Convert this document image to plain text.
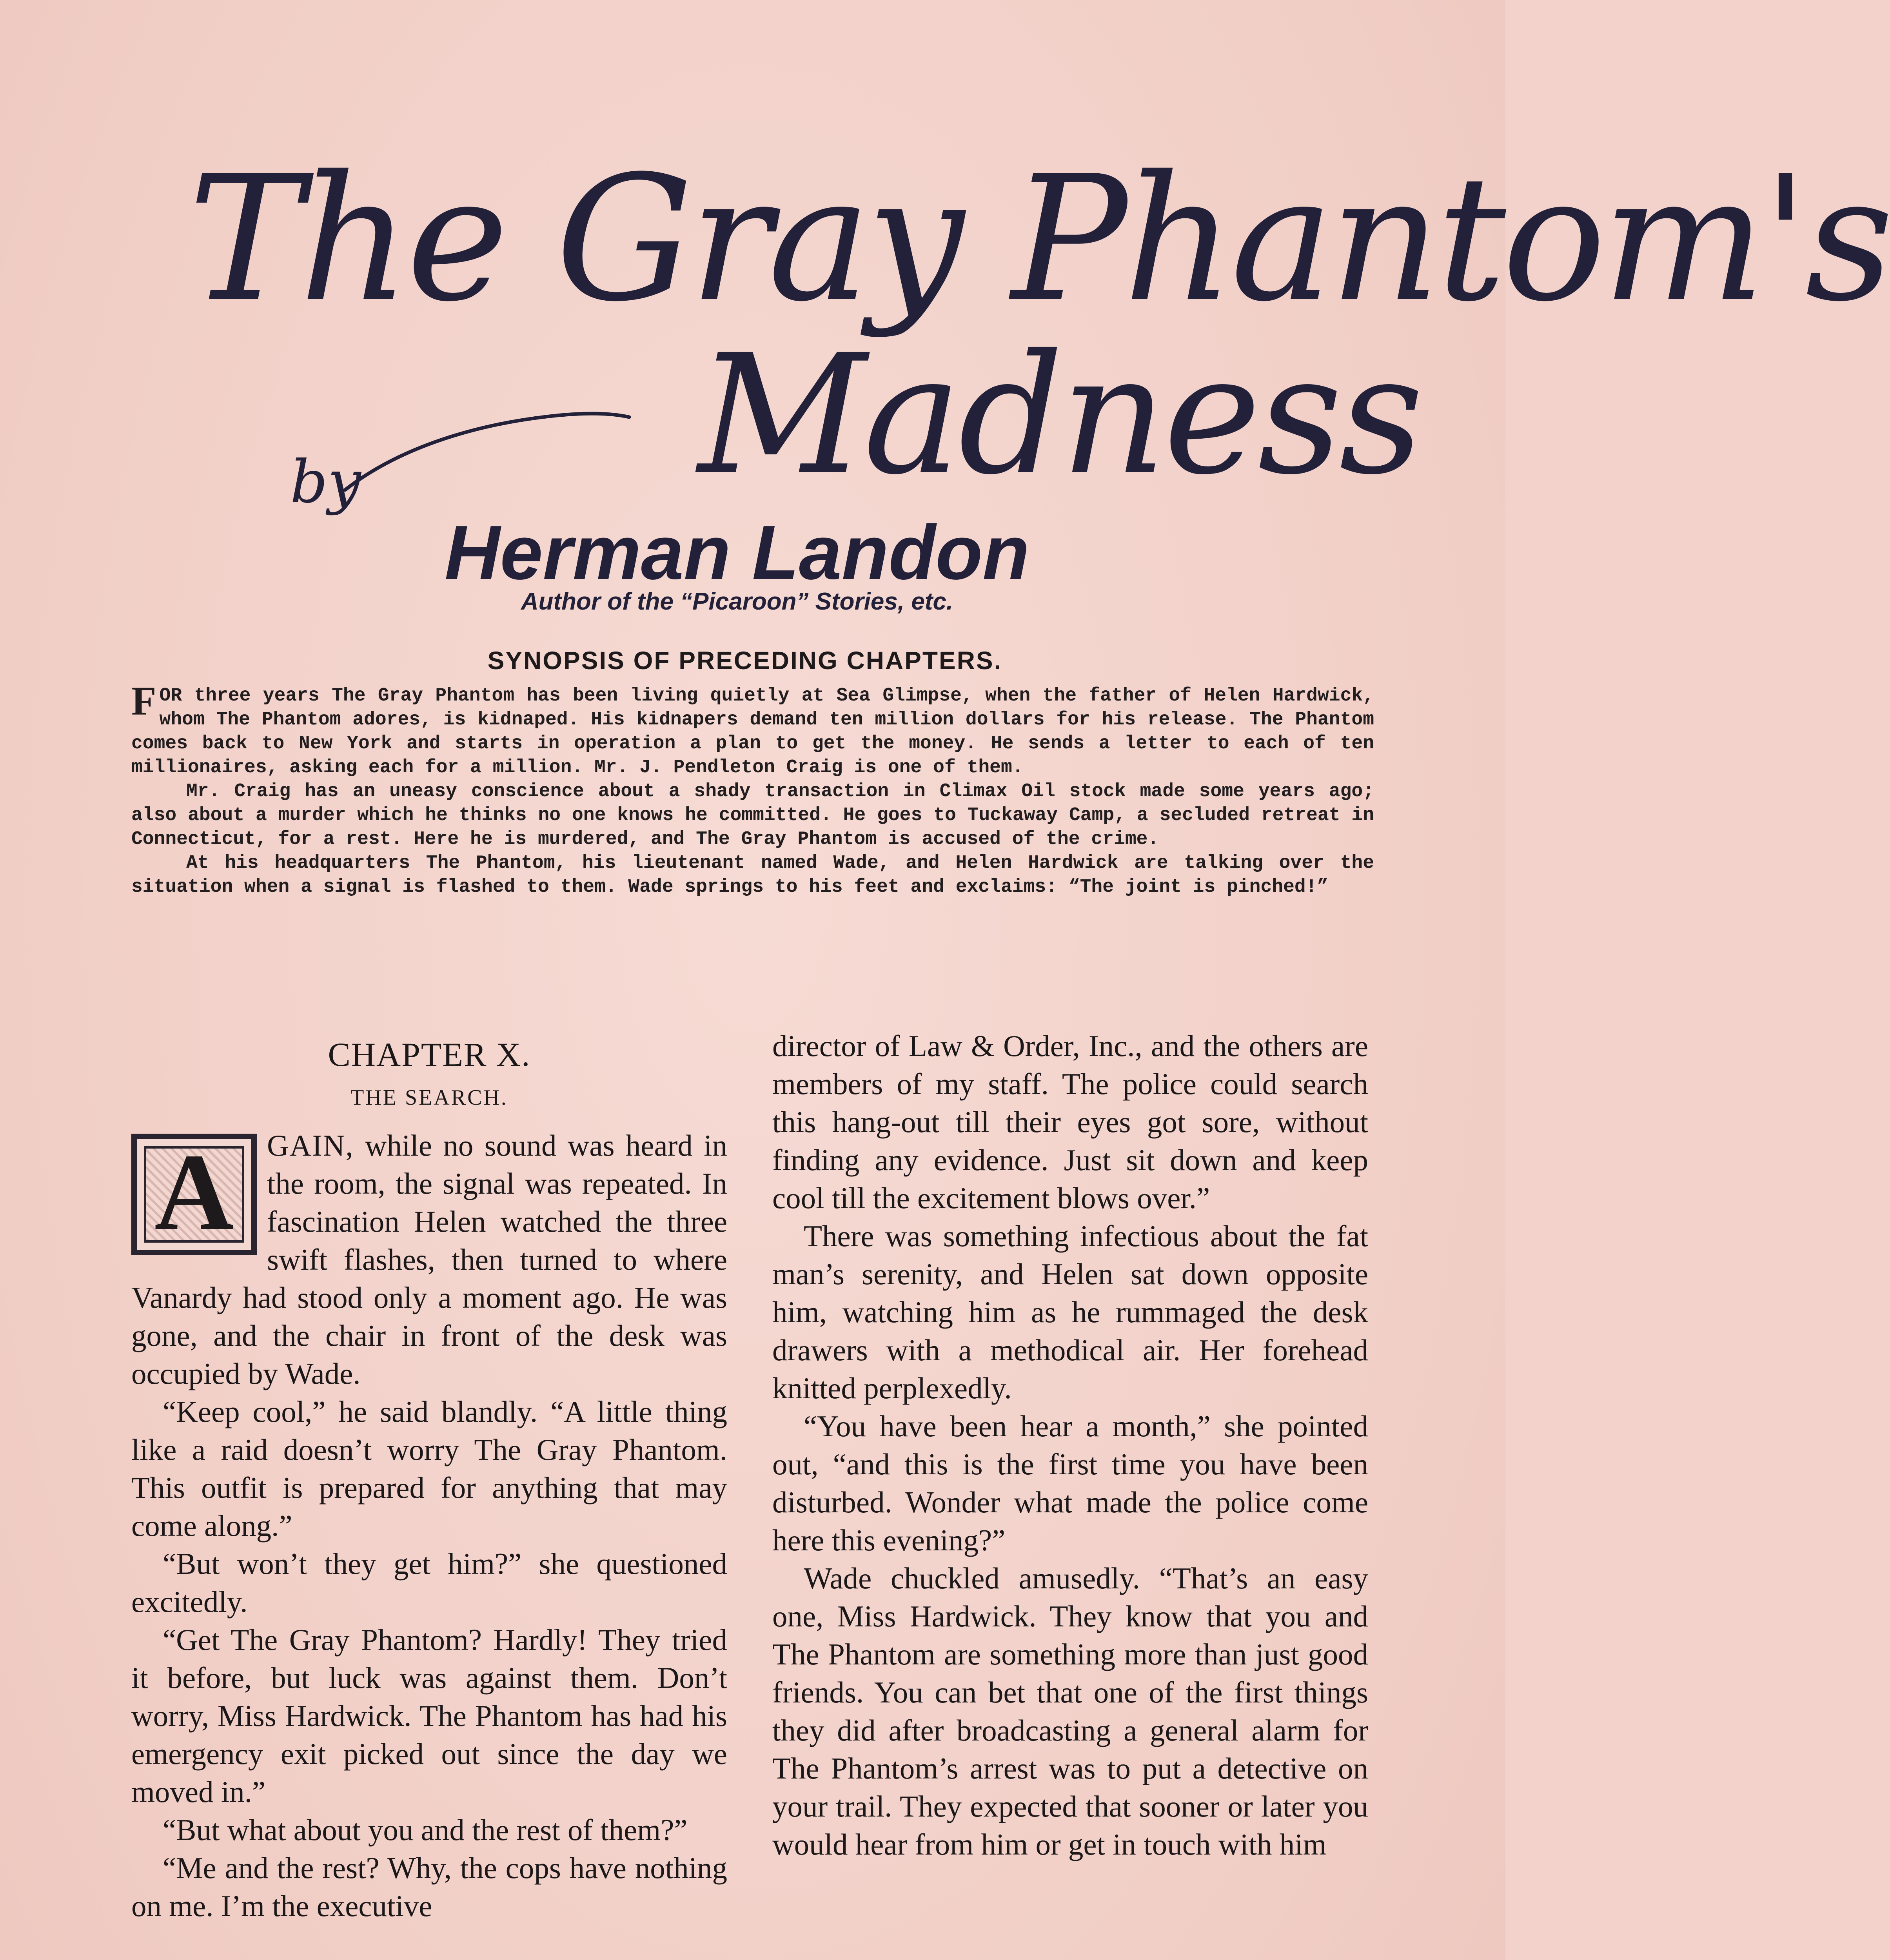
The Gray Phantom's
Madness
by
Herman Landon
Author of the “Picaroon” Stories, etc.
SYNOPSIS OF PRECEDING CHAPTERS.

FOR three years The Gray Phantom has been living quietly at Sea Glimpse, when the father of Helen Hardwick, whom The Phantom adores, is kidnaped. His kidnapers demand ten million dollars for his release. The Phantom comes back to New York and starts in operation a plan to get the money. He sends a letter to each of ten millionaires, asking each for a million. Mr. J. Pendleton Craig is one of them.

Mr. Craig has an uneasy conscience about a shady transaction in Climax Oil stock made some years ago; also about a murder which he thinks no one knows he committed. He goes to Tuckaway Camp, a secluded retreat in Connecticut, for a rest. Here he is murdered, and The Gray Phantom is accused of the crime.

At his headquarters The Phantom, his lieutenant named Wade, and Helen Hardwick are talking over the situation when a signal is flashed to them. Wade springs to his feet and exclaims: “The joint is pinched!”

CHAPTER X.
THE SEARCH.

A	GAIN, while no sound was heard in the room, the signal was repeated. In fascination Helen watched the three swift flashes, then turned to where Vanardy had stood only a moment ago. He was gone, and the chair in front of the desk was occupied by Wade.

“Keep cool,” he said blandly. “A little thing like a raid doesn’t worry The Gray Phantom. This outfit is prepared for anything that may come along.”

“But won’t they get him?” she questioned excitedly.

“Get The Gray Phantom? Hardly! They tried it before, but luck was against them. Don’t worry, Miss Hardwick. The Phantom has had his emergency exit picked out since the day we moved in.”

“But what about you and the rest of them?”

“Me and the rest? Why, the cops have nothing on me. I’m the executive

director of Law & Order, Inc., and the others are members of my staff. The police could search this hang-out till their eyes got sore, without finding any evidence. Just sit down and keep cool till the excitement blows over.”

There was something infectious about the fat man’s serenity, and Helen sat down opposite him, watching him as he rummaged the desk drawers with a methodical air. Her forehead knitted perplexedly.

“You have been hear a month,” she pointed out, “and this is the first time you have been disturbed. Wonder what made the police come here this evening?”

Wade chuckled amusedly. “That’s an easy one, Miss Hardwick. They know that you and The Phantom are something more than just good friends. You can bet that one of the first things they did after broadcasting a general alarm for The Phantom’s arrest was to put a detective on your trail. They expected that sooner or later you would hear from him or get in touch with him
